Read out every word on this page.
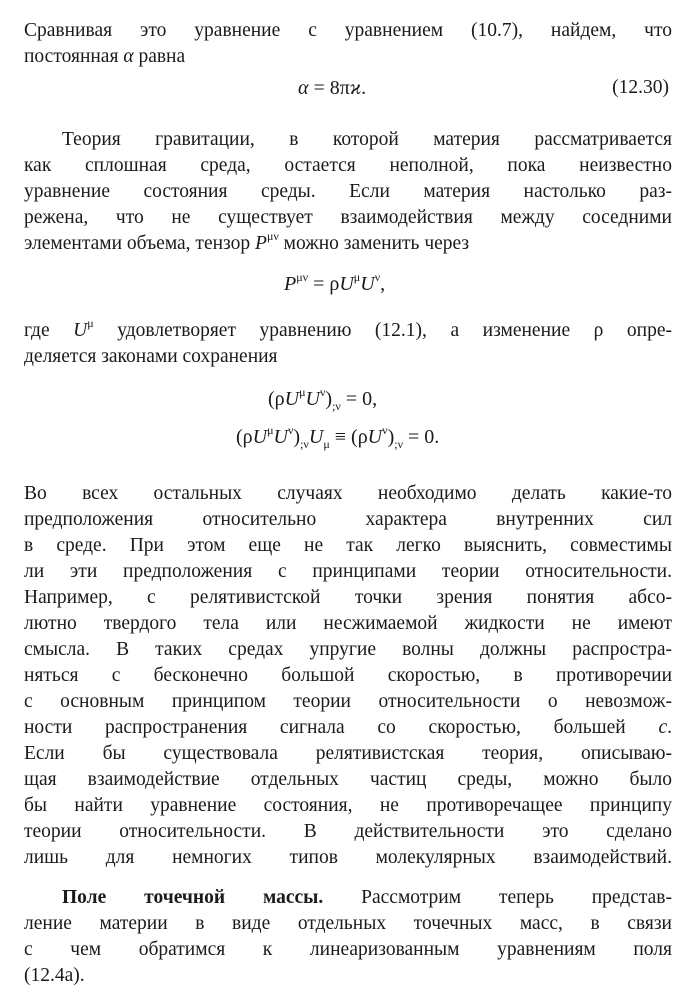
Сравнивая это уравнение с уравнением (10.7), найдем, что
постоянная α равна
α = 8πϰ.	(12.30)
Теория гравитации, в которой материя рассматривается
как сплошная среда, остается неполной, пока неизвестно
уравнение состояния среды. Если материя настолько раз-
режена, что не существует взаимодействия между соседними
элементами объема, тензор $P^{\mu\nu}$ можно заменить через
$P^{\mu\nu} = \rho U^\mu U^\nu$,
где $U^\mu$ удовлетворяет уравнению (12.1), а изменение ρ опре-
деляется законами сохранения
$(\rho U^\mu U^\nu)_{;\nu} = 0$,
$(\rho U^\mu U^\nu)_{;\nu}U_\mu \equiv (\rho U^\nu)_{;\nu} = 0$.
Во всех остальных случаях необходимо делать какие-то
предположения относительно характера внутренних сил
в среде. При этом еще не так легко выяснить, совместимы
ли эти предположения с принципами теории относительности.
Например, с релятивистской точки зрения понятия абсо-
лютно твердого тела или несжимаемой жидкости не имеют
смысла. В таких средах упругие волны должны распростра-
няться с бесконечно большой скоростью, в противоречии
с основным принципом теории относительности о невозмож-
ности распространения сигнала со скоростью, большей c.
Если бы существовала релятивистская теория, описываю-
щая взаимодействие отдельных частиц среды, можно было
бы найти уравнение состояния, не противоречащее принципу
теории относительности. В действительности это сделано
лишь для немногих типов молекулярных взаимодействий.
Поле точечной массы. Рассмотрим теперь представ-
ление материи в виде отдельных точечных масс, в связи
с чем обратимся к линеаризованным уравнениям поля
(12.4а).
